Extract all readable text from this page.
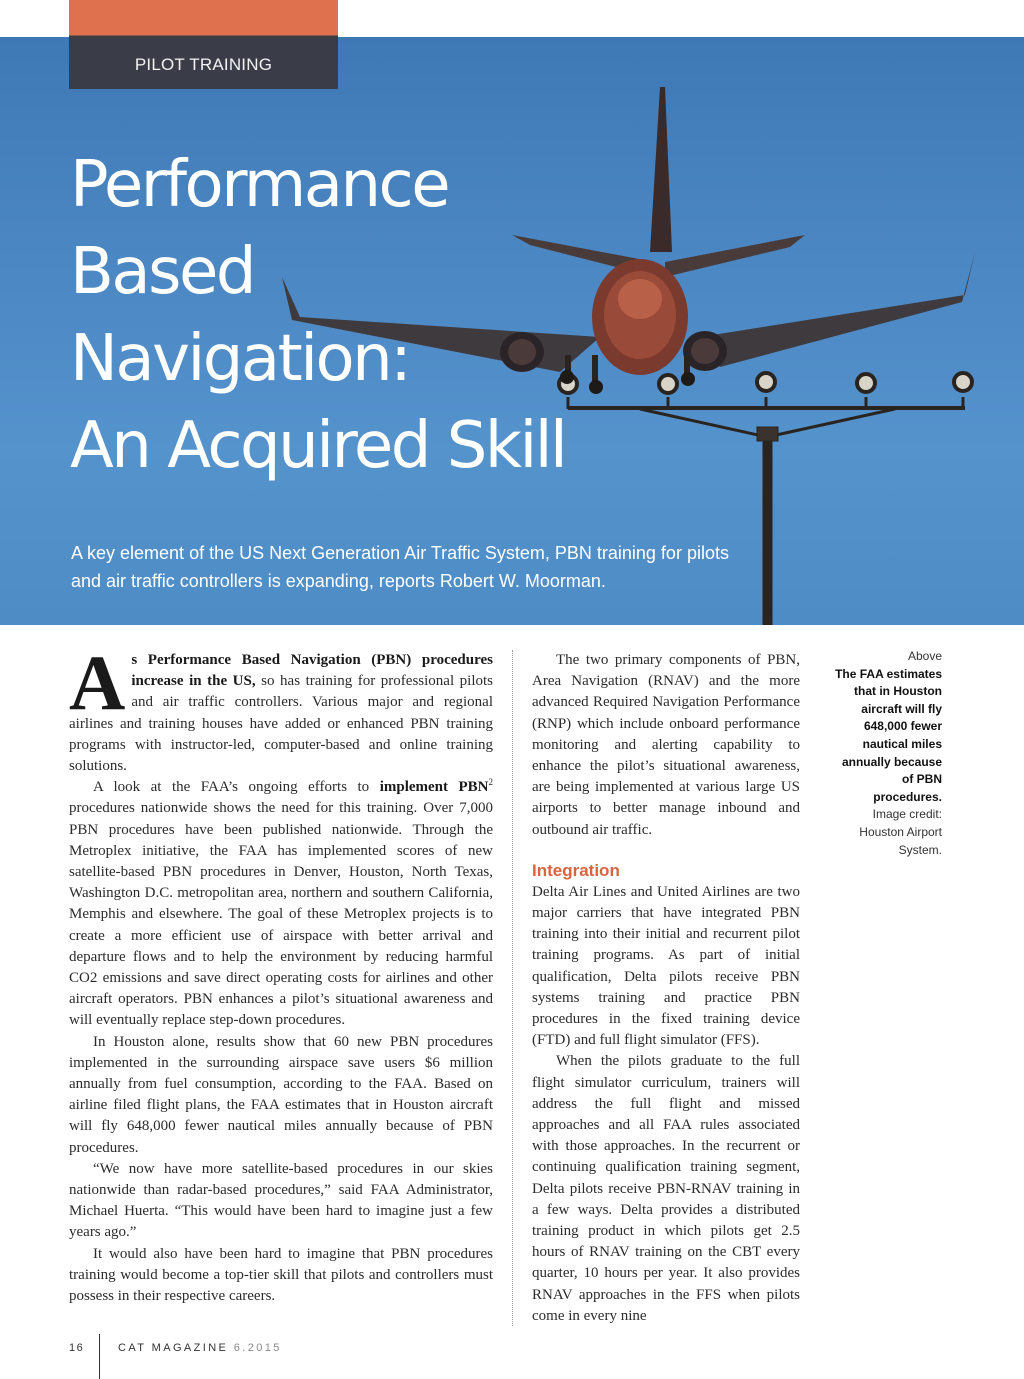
PILOT TRAINING
Performance
Based
Navigation:
An Acquired Skill
A key element of the US Next Generation Air Traffic System, PBN training for pilots and air traffic controllers is expanding, reports Robert W. Moorman.

As Performance Based Navigation (PBN) procedures increase in the US, so has training for professional pilots and air traffic controllers. Various major and regional airlines and training houses have added or enhanced PBN training programs with instructor-led, computer-based and online training solutions.

A look at the FAA’s ongoing efforts to implement PBN$^2$ procedures nationwide shows the need for this training. Over 7,000 PBN procedures have been published nationwide. Through the Metroplex initiative, the FAA has implemented scores of new satellite-based PBN procedures in Denver, Houston, North Texas, Washington D.C. metropolitan area, northern and southern California, Memphis and elsewhere. The goal of these Metroplex projects is to create a more efficient use of airspace with better arrival and departure flows and to help the environment by reducing harmful CO2 emissions and save direct operating costs for airlines and other aircraft operators. PBN enhances a pilot’s situational awareness and will eventually replace step-down procedures.

In Houston alone, results show that 60 new PBN procedures implemented in the surrounding airspace save users $6 million annually from fuel consumption, according to the FAA. Based on airline filed flight plans, the FAA estimates that in Houston aircraft will fly 648,000 fewer nautical miles annually because of PBN procedures.

“We now have more satellite-based procedures in our skies nationwide than radar-based procedures,” said FAA Administrator, Michael Huerta. “This would have been hard to imagine just a few years ago.”

It would also have been hard to imagine that PBN procedures training would become a top-tier skill that pilots and controllers must possess in their respective careers.

The two primary components of PBN, Area Navigation (RNAV) and the more advanced Required Navigation Performance (RNP) which include onboard performance monitoring and alerting capability to enhance the pilot’s situational awareness, are being implemented at various large US airports to better manage inbound and outbound air traffic.

Integration

Delta Air Lines and United Airlines are two major carriers that have integrated PBN training into their initial and recurrent pilot training programs. As part of initial qualification, Delta pilots receive PBN systems training and practice PBN procedures in the fixed training device (FTD) and full flight simulator (FFS).

When the pilots graduate to the full flight simulator curriculum, trainers will address the full flight and missed approaches and all FAA rules associated with those approaches. In the recurrent or continuing qualification training segment, Delta pilots receive PBN-RNAV training in a few ways. Delta provides a distributed training product in which pilots get 2.5 hours of RNAV training on the CBT every quarter, 10 hours per year. It also provides RNAV approaches in the FFS when pilots come in every nine

Above
The FAA estimates that in Houston aircraft will fly 648,000 fewer nautical miles annually because of PBN procedures.
Image credit: Houston Airport System.
16	CAT MAGAZINE 6.2015
